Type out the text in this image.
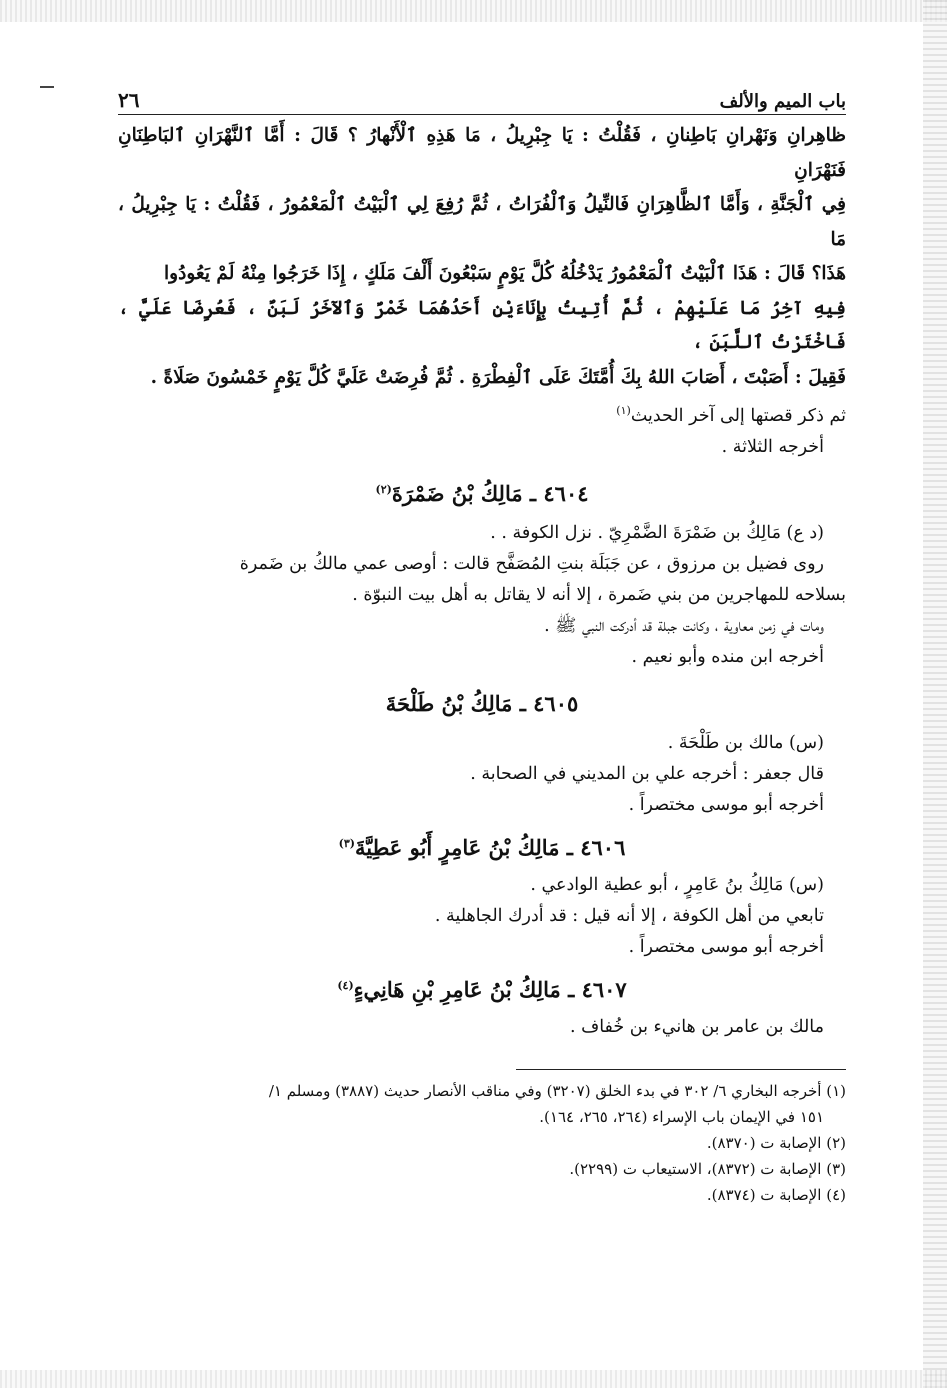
باب الميم والألف
٢٦

ظاهِرانِ وَنَهْرانِ بَاطِنانِ ، فَقُلْتُ : يَا جِبْرِيلُ ، مَا هَذِهِ ٱلْأَنْهارُ ؟ قَالَ : أَمَّا ٱلنَّهْرَانِ ٱلبَاطِنَانِ فَنَهْرَانِ

فِي ٱلْجَنَّةِ ، وَأَمَّا ٱلظَّاهِرَانِ فَالنِّيلُ وَٱلْفُرَاتُ ، ثُمَّ رُفِعَ لِي ٱلْبَيْتُ ٱلْمَعْمُورُ ، فَقُلْتُ : يَا جِبْرِيلُ ، مَا

هَذَا؟ قَالَ : هَذَا ٱلْبَيْتُ ٱلْمَعْمُورُ يَدْخُلُهُ كُلَّ يَوْمٍ سَبْعُونَ أَلْفَ مَلَكٍ ، إِذَا خَرَجُوا مِنْهُ لَمْ يَعُودُوا

فِيهِ آخِرُ مَا عَلَيْهِمْ ، ثُمَّ أُتِيتُ بِإِنَاءَيْنِ أَحَدُهُمَا خَمْرٌ وَٱلآخَرُ لَبَنٌ ، فَعُرِضَا عَلَيَّ ، فَاخْتَرْتُ ٱللَّبَنَ ،

فَقِيلَ : أَصَبْتَ ، أَصَابَ اللهُ بِكَ أُمَّتَكَ عَلَى ٱلْفِطْرَةِ . ثُمَّ فُرِضَتْ عَلَيَّ كُلَّ يَوْمٍ خَمْسُونَ صَلَاةً .

ثم ذكر قصتها إلى آخر الحديث$^{(١)}$

أخرجه الثلاثة .

٤٦٠٤ ـ مَالِكُ بْنُ ضَمْرَةَ$^{(٢)}$

(د ع) مَالِكُ بن ضَمْرَةَ الضَّمْرِيّ . نزل الكوفة . .

روى فضيل بن مرزوق ، عن جَبَلَة بنتِ المُصَفَّح قالت : أوصى عمي مالكُ بن ضَمرة

بسلاحه للمهاجرين من بني ضَمرة ، إلا أنه لا يقاتل به أهل بيت النبوّة .

ومات في زمن معاوية ، وكانت جبلة قد أدركت النبي ﷺ .

أخرجه ابن منده وأبو نعيم .

٤٦٠٥ ـ مَالِكُ بْنُ طَلْحَةَ

(س) مالك بن طَلْحَةَ .

قال جعفر : أخرجه علي بن المديني في الصحابة .

أخرجه أبو موسى مختصراً .

٤٦٠٦ ـ مَالِكُ بْنُ عَامِرٍ أَبُو عَطِيَّةَ$^{(٣)}$

(س) مَالِكُ بنُ عَامِرٍ ، أبو عطية الوادعي .

تابعي من أهل الكوفة ، إلا أنه قيل : قد أدرك الجاهلية .

أخرجه أبو موسى مختصراً .

٤٦٠٧ ـ مَالِكُ بْنُ عَامِرِ بْنِ هَانِيءٍ$^{(٤)}$

مالك بن عامر بن هانيء بن خُفاف .

(١) أخرجه البخاري ٦/ ٣٠٢ في بدء الخلق (٣٢٠٧) وفي مناقب الأنصار حديث (٣٨٨٧) ومسلم ١/

١٥١ في الإيمان باب الإسراء (٢٦٤، ٢٦٥، ١٦٤).

(٢) الإصابة ت (٨٣٧٠).

(٣) الإصابة ت (٨٣٧٢)، الاستيعاب ت (٢٢٩٩).

(٤) الإصابة ت (٨٣٧٤).
